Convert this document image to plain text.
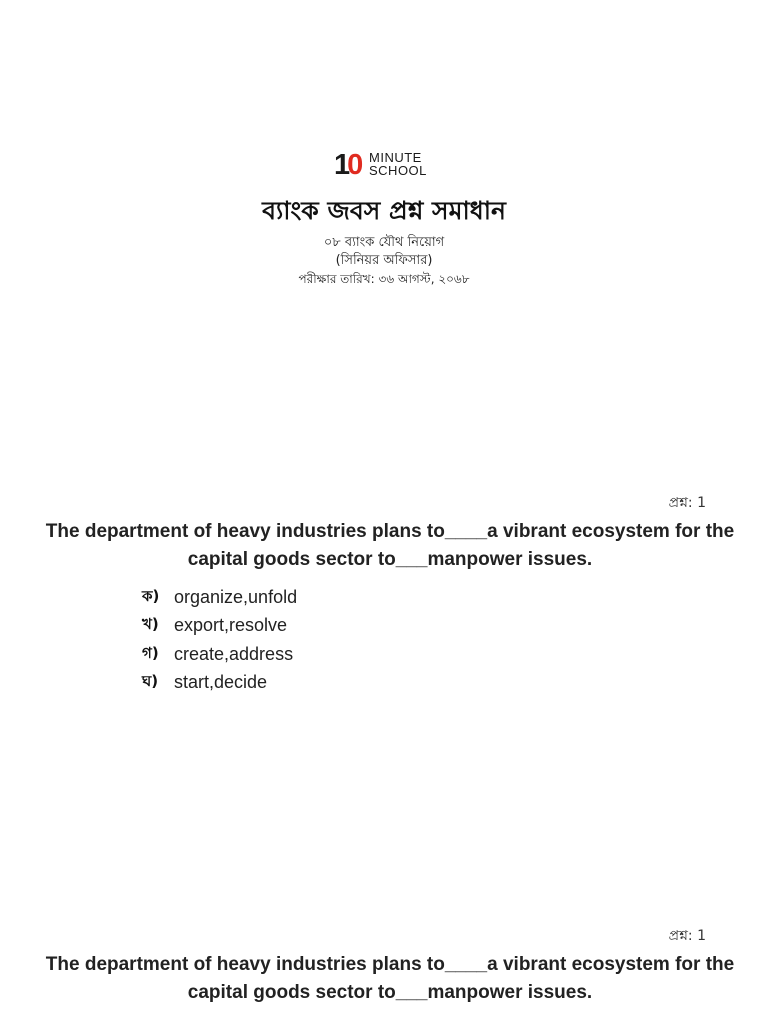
1 0 MINUTE
SCHOOL
ব্যাংক জবস প্রশ্ন সমাধান
০৮ ব্যাংক যৌথ নিয়োগ
(সিনিয়র অফিসার)
পরীক্ষার তারিখ: ৩৬ আগস্ট, ২০৬৮
প্রশ্ন: 1
The department of heavy industries plans to____a vibrant ecosystem for the capital goods sector to___manpower issues.
ক) organize,unfold
খ) export,resolve
গ) create,address
ঘ) start,decide
প্রশ্ন: 1
The department of heavy industries plans to____a vibrant ecosystem for the capital goods sector to___manpower issues.
